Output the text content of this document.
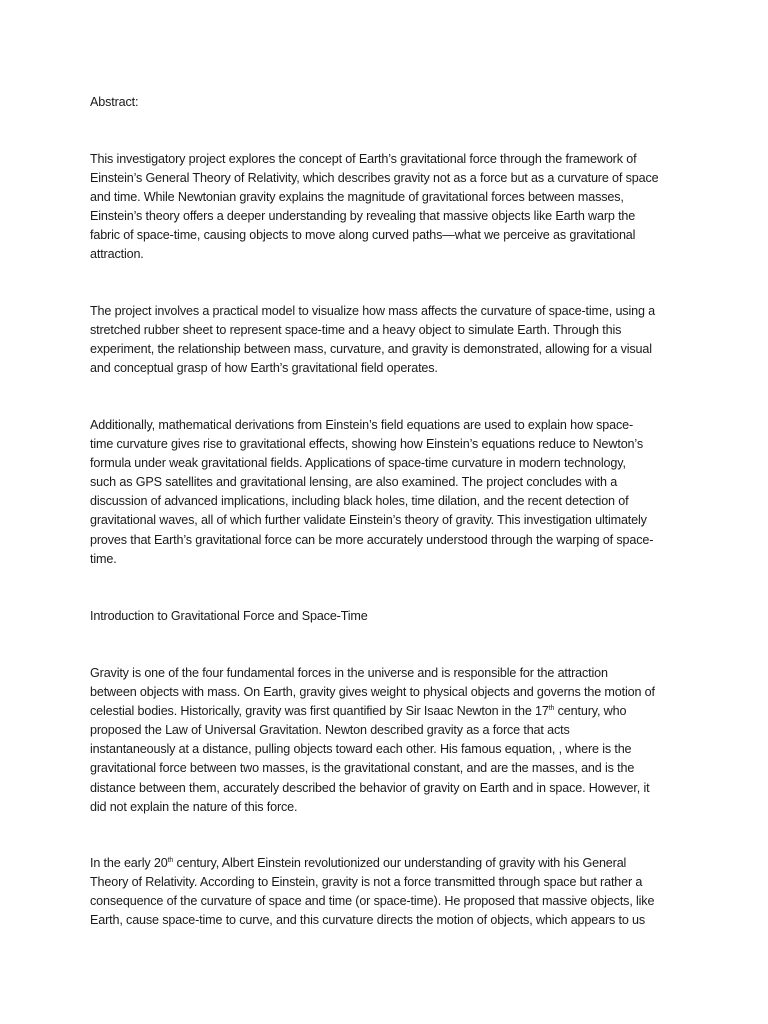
Abstract:
This investigatory project explores the concept of Earth’s gravitational force through the framework of
Einstein’s General Theory of Relativity, which describes gravity not as a force but as a curvature of space
and time. While Newtonian gravity explains the magnitude of gravitational forces between masses,
Einstein’s theory offers a deeper understanding by revealing that massive objects like Earth warp the
fabric of space-time, causing objects to move along curved paths—what we perceive as gravitational
attraction.
The project involves a practical model to visualize how mass affects the curvature of space-time, using a
stretched rubber sheet to represent space-time and a heavy object to simulate Earth. Through this
experiment, the relationship between mass, curvature, and gravity is demonstrated, allowing for a visual
and conceptual grasp of how Earth’s gravitational field operates.
Additionally, mathematical derivations from Einstein’s field equations are used to explain how space-
time curvature gives rise to gravitational effects, showing how Einstein’s equations reduce to Newton’s
formula under weak gravitational fields. Applications of space-time curvature in modern technology,
such as GPS satellites and gravitational lensing, are also examined. The project concludes with a
discussion of advanced implications, including black holes, time dilation, and the recent detection of
gravitational waves, all of which further validate Einstein’s theory of gravity. This investigation ultimately
proves that Earth’s gravitational force can be more accurately understood through the warping of space-
time.
Introduction to Gravitational Force and Space-Time
Gravity is one of the four fundamental forces in the universe and is responsible for the attraction
between objects with mass. On Earth, gravity gives weight to physical objects and governs the motion of
celestial bodies. Historically, gravity was first quantified by Sir Isaac Newton in the 17th century, who
proposed the Law of Universal Gravitation. Newton described gravity as a force that acts
instantaneously at a distance, pulling objects toward each other. His famous equation, , where is the
gravitational force between two masses, is the gravitational constant, and are the masses, and is the
distance between them, accurately described the behavior of gravity on Earth and in space. However, it
did not explain the nature of this force.
In the early 20th century, Albert Einstein revolutionized our understanding of gravity with his General
Theory of Relativity. According to Einstein, gravity is not a force transmitted through space but rather a
consequence of the curvature of space and time (or space-time). He proposed that massive objects, like
Earth, cause space-time to curve, and this curvature directs the motion of objects, which appears to us
